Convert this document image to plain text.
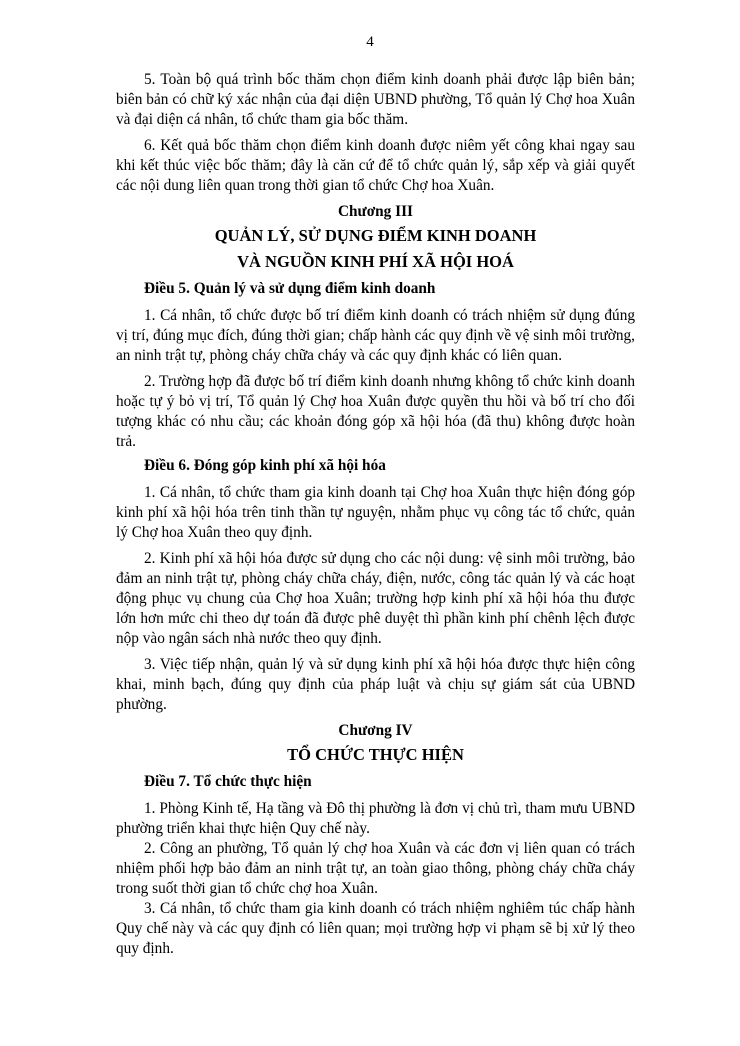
4

5. Toàn bộ quá trình bốc thăm chọn điểm kinh doanh phải được lập biên bản; biên bản có chữ ký xác nhận của đại diện UBND phường, Tổ quản lý Chợ hoa Xuân và đại diện cá nhân, tổ chức tham gia bốc thăm.

6. Kết quả bốc thăm chọn điểm kinh doanh được niêm yết công khai ngay sau khi kết thúc việc bốc thăm; đây là căn cứ để tổ chức quản lý, sắp xếp và giải quyết các nội dung liên quan trong thời gian tổ chức Chợ hoa Xuân.

Chương III
QUẢN LÝ, SỬ DỤNG ĐIỂM KINH DOANH
VÀ NGUỒN KINH PHÍ XÃ HỘI HOÁ

Điều 5. Quản lý và sử dụng điểm kinh doanh

1. Cá nhân, tổ chức được bố trí điểm kinh doanh có trách nhiệm sử dụng đúng vị trí, đúng mục đích, đúng thời gian; chấp hành các quy định về vệ sinh môi trường, an ninh trật tự, phòng cháy chữa cháy và các quy định khác có liên quan.

2. Trường hợp đã được bố trí điểm kinh doanh nhưng không tổ chức kinh doanh hoặc tự ý bỏ vị trí, Tổ quản lý Chợ hoa Xuân được quyền thu hồi và bố trí cho đối tượng khác có nhu cầu; các khoản đóng góp xã hội hóa (đã thu) không được hoàn trả.

Điều 6. Đóng góp kinh phí xã hội hóa

1. Cá nhân, tổ chức tham gia kinh doanh tại Chợ hoa Xuân thực hiện đóng góp kinh phí xã hội hóa trên tinh thần tự nguyện, nhằm phục vụ công tác tổ chức, quản lý Chợ hoa Xuân theo quy định.

2. Kinh phí xã hội hóa được sử dụng cho các nội dung: vệ sinh môi trường, bảo đảm an ninh trật tự, phòng cháy chữa cháy, điện, nước, công tác quản lý và các hoạt động phục vụ chung của Chợ hoa Xuân; trường hợp kinh phí xã hội hóa thu được lớn hơn mức chi theo dự toán đã được phê duyệt thì phần kinh phí chênh lệch được nộp vào ngân sách nhà nước theo quy định.

3. Việc tiếp nhận, quản lý và sử dụng kinh phí xã hội hóa được thực hiện công khai, minh bạch, đúng quy định của pháp luật và chịu sự giám sát của UBND phường.

Chương IV
TỔ CHỨC THỰC HIỆN

Điều 7. Tổ chức thực hiện

1. Phòng Kinh tế, Hạ tầng và Đô thị phường là đơn vị chủ trì, tham mưu UBND phường triển khai thực hiện Quy chế này.

2. Công an phường, Tổ quản lý chợ hoa Xuân và các đơn vị liên quan có trách nhiệm phối hợp bảo đảm an ninh trật tự, an toàn giao thông, phòng cháy chữa cháy trong suốt thời gian tổ chức chợ hoa Xuân.

3. Cá nhân, tổ chức tham gia kinh doanh có trách nhiệm nghiêm túc chấp hành Quy chế này và các quy định có liên quan; mọi trường hợp vi phạm sẽ bị xử lý theo quy định.
